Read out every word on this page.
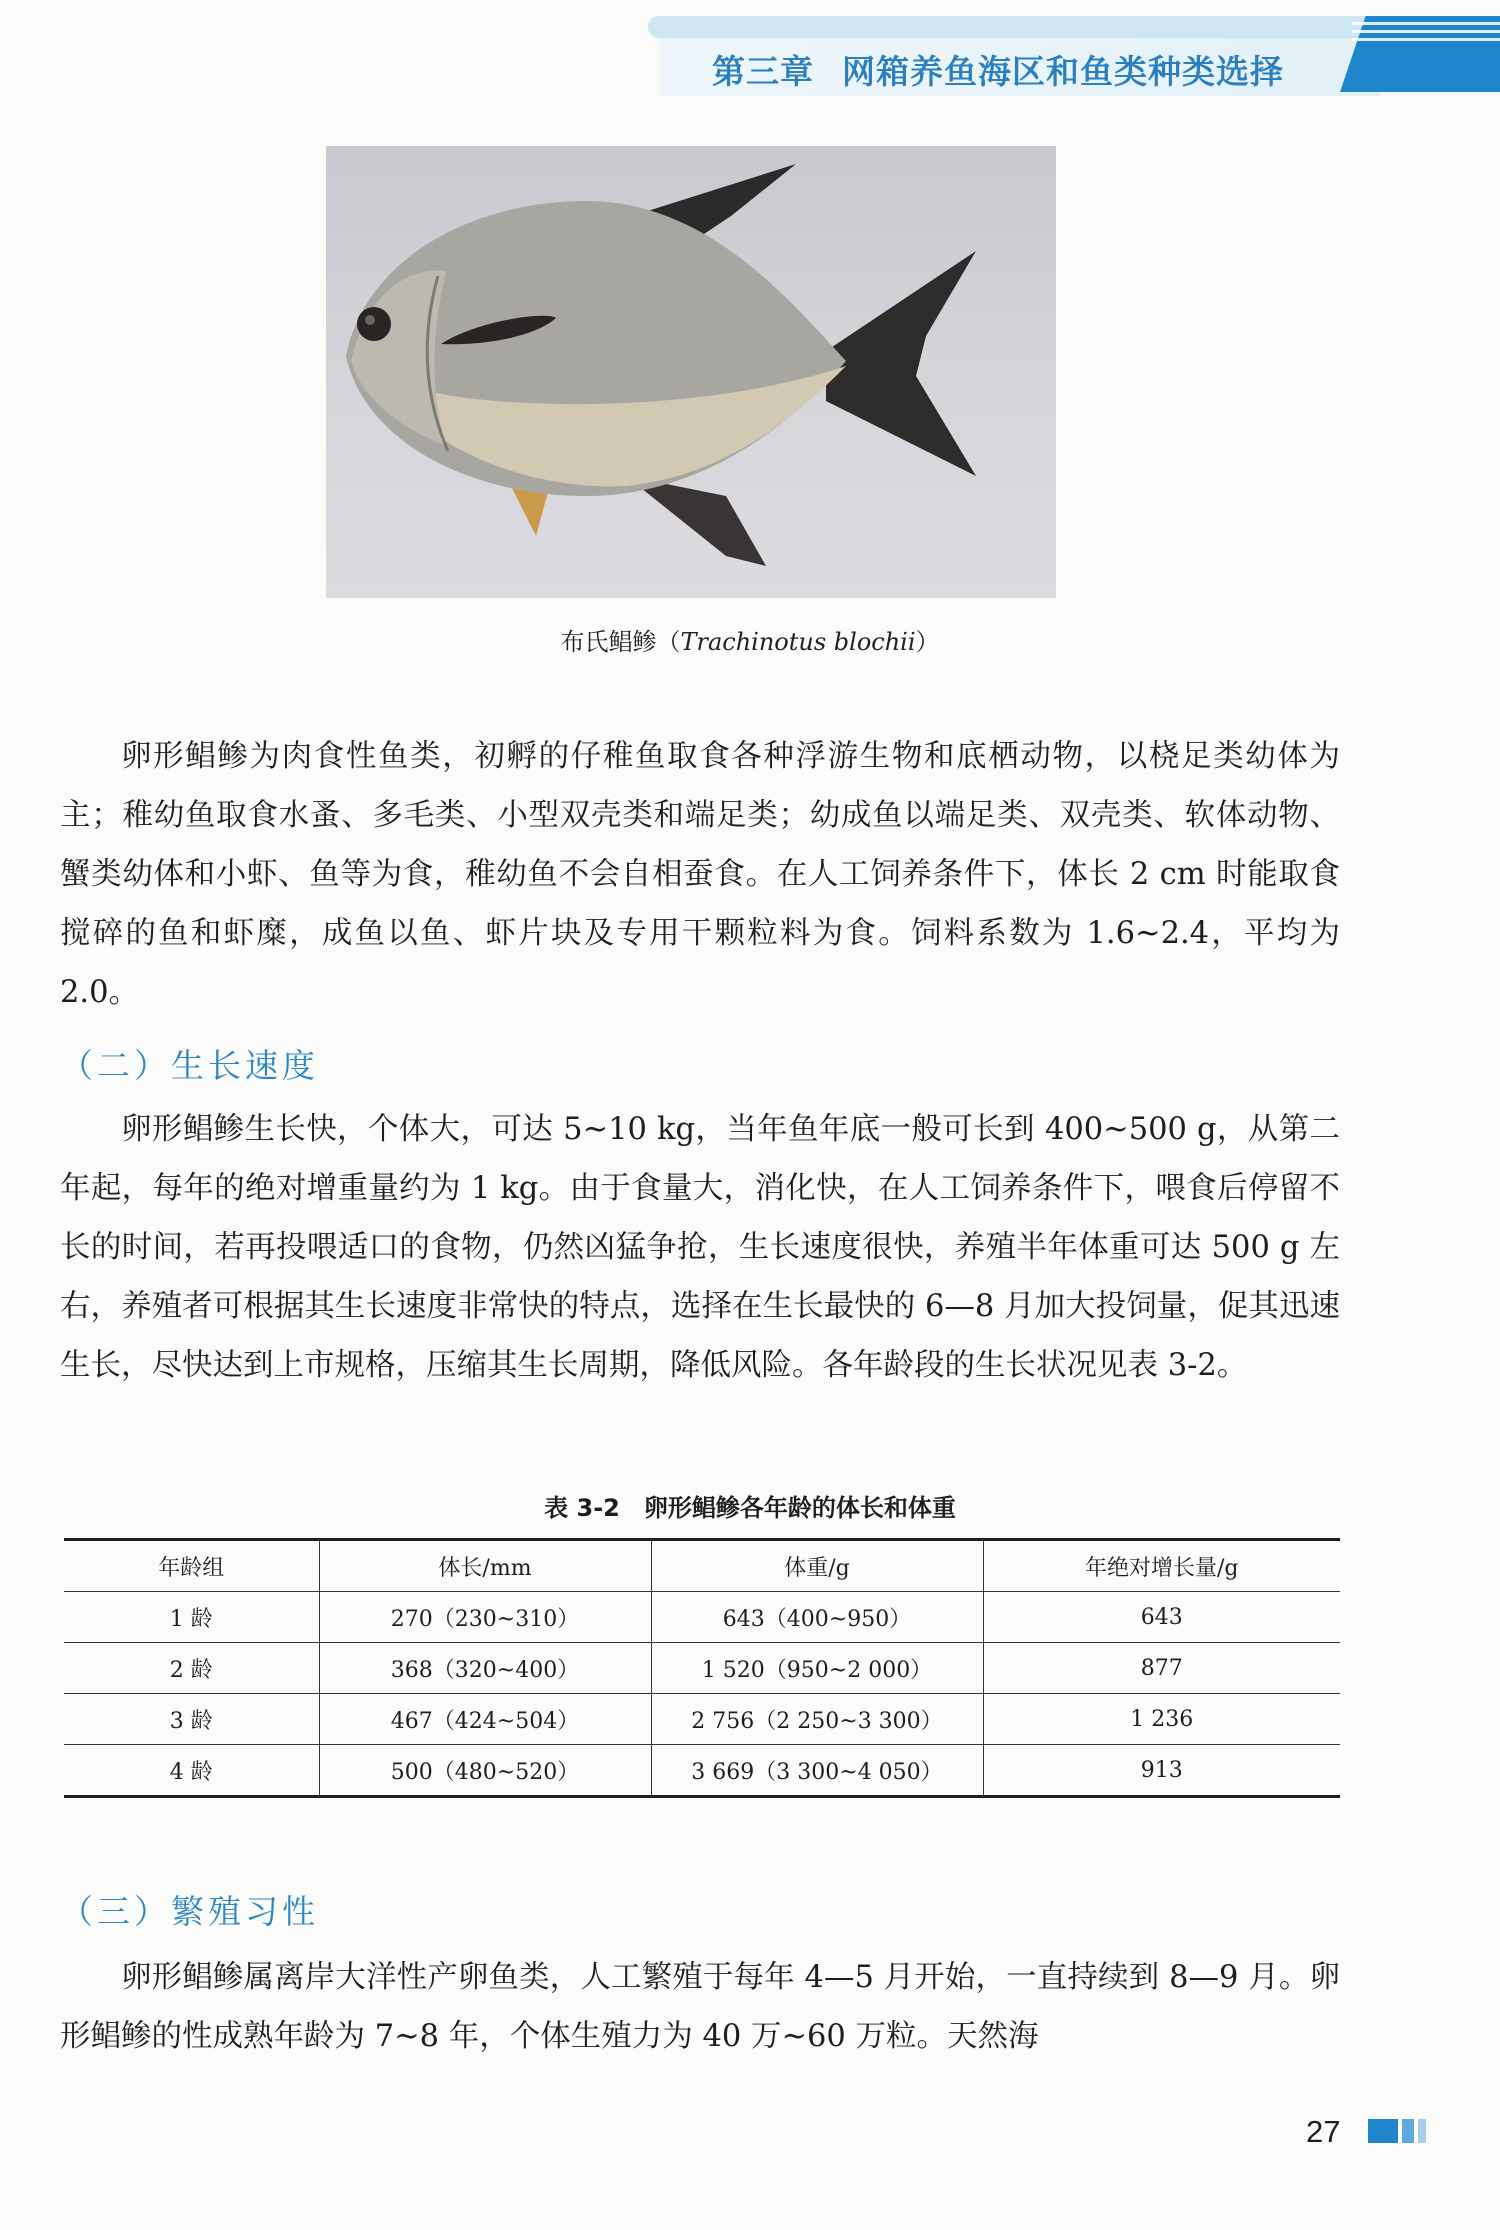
第三章 网箱养鱼海区和鱼类种类选择
布氏鲳鲹（Trachinotus blochii）

卵形鲳鲹为肉食性鱼类，初孵的仔稚鱼取食各种浮游生物和底栖动物，以桡足类幼体为主；稚幼鱼取食水蚤、多毛类、小型双壳类和端足类；幼成鱼以端足类、双壳类、软体动物、蟹类幼体和小虾、鱼等为食，稚幼鱼不会自相蚕食。在人工饲养条件下，体长 2 cm 时能取食搅碎的鱼和虾糜，成鱼以鱼、虾片块及专用干颗粒料为食。饲料系数为 1.6~2.4，平均为 2.0。

（二）生长速度

卵形鲳鲹生长快，个体大，可达 5~10 kg，当年鱼年底一般可长到 400~500 g，从第二年起，每年的绝对增重量约为 1 kg。由于食量大，消化快，在人工饲养条件下，喂食后停留不长的时间，若再投喂适口的食物，仍然凶猛争抢，生长速度很快，养殖半年体重可达 500 g 左右，养殖者可根据其生长速度非常快的特点，选择在生长最快的 6—8 月加大投饲量，促其迅速生长，尽快达到上市规格，压缩其生长周期，降低风险。各年龄段的生长状况见表 3-2。

表 3-2　卵形鲳鲹各年龄的体长和体重
年龄组	体长/mm	体重/g	年绝对增长量/g
1 龄	270（230~310）	643（400~950）	643
2 龄	368（320~400）	1 520（950~2 000）	877
3 龄	467（424~504）	2 756（2 250~3 300）	1 236
4 龄	500（480~520）	3 669（3 300~4 050）	913
（三）繁殖习性

卵形鲳鲹属离岸大洋性产卵鱼类，人工繁殖于每年 4—5 月开始，一直持续到 8—9 月。卵形鲳鲹的性成熟年龄为 7~8 年，个体生殖力为 40 万~60 万粒。天然海

27
